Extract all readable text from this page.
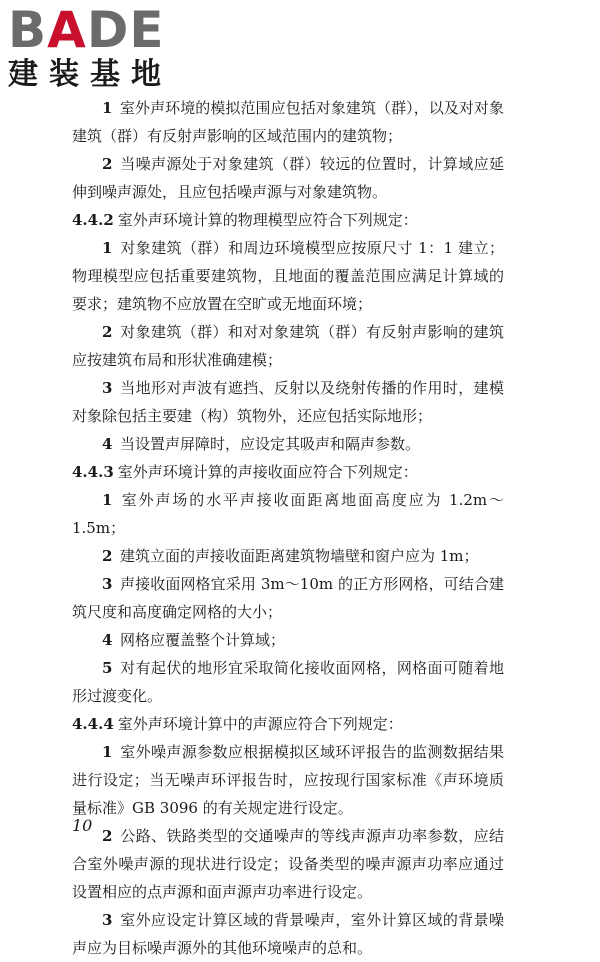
BADE
建装基地

1  室外声环境的模拟范围应包括对象建筑（群），以及对对象建筑（群）有反射声影响的区域范围内的建筑物；

2  当噪声源处于对象建筑（群）较远的位置时，计算域应延伸到噪声源处，且应包括噪声源与对象建筑物。

4.4.2 室外声环境计算的物理模型应符合下列规定：

1  对象建筑（群）和周边环境模型应按原尺寸 1：1 建立；物理模型应包括重要建筑物，且地面的覆盖范围应满足计算域的要求；建筑物不应放置在空旷或无地面环境；

2  对象建筑（群）和对对象建筑（群）有反射声影响的建筑应按建筑布局和形状准确建模；

3  当地形对声波有遮挡、反射以及绕射传播的作用时，建模对象除包括主要建（构）筑物外，还应包括实际地形；

4  当设置声屏障时，应设定其吸声和隔声参数。

4.4.3 室外声环境计算的声接收面应符合下列规定：

1  室外声场的水平声接收面距离地面高度应为 1.2m～1.5m；

2  建筑立面的声接收面距离建筑物墙壁和窗户应为 1m；

3  声接收面网格宜采用 3m～10m 的正方形网格，可结合建筑尺度和高度确定网格的大小；

4  网格应覆盖整个计算域；

5  对有起伏的地形宜采取简化接收面网格，网格面可随着地形过渡变化。

4.4.4 室外声环境计算中的声源应符合下列规定：

1  室外噪声源参数应根据模拟区域环评报告的监测数据结果进行设定；当无噪声环评报告时，应按现行国家标准《声环境质量标准》GB 3096 的有关规定进行设定。

2  公路、铁路类型的交通噪声的等线声源声功率参数，应结合室外噪声源的现状进行设定；设备类型的噪声源声功率应通过设置相应的点声源和面声源声功率进行设定。

3  室外应设定计算区域的背景噪声，室外计算区域的背景噪声应为目标噪声源外的其他环境噪声的总和。

10
